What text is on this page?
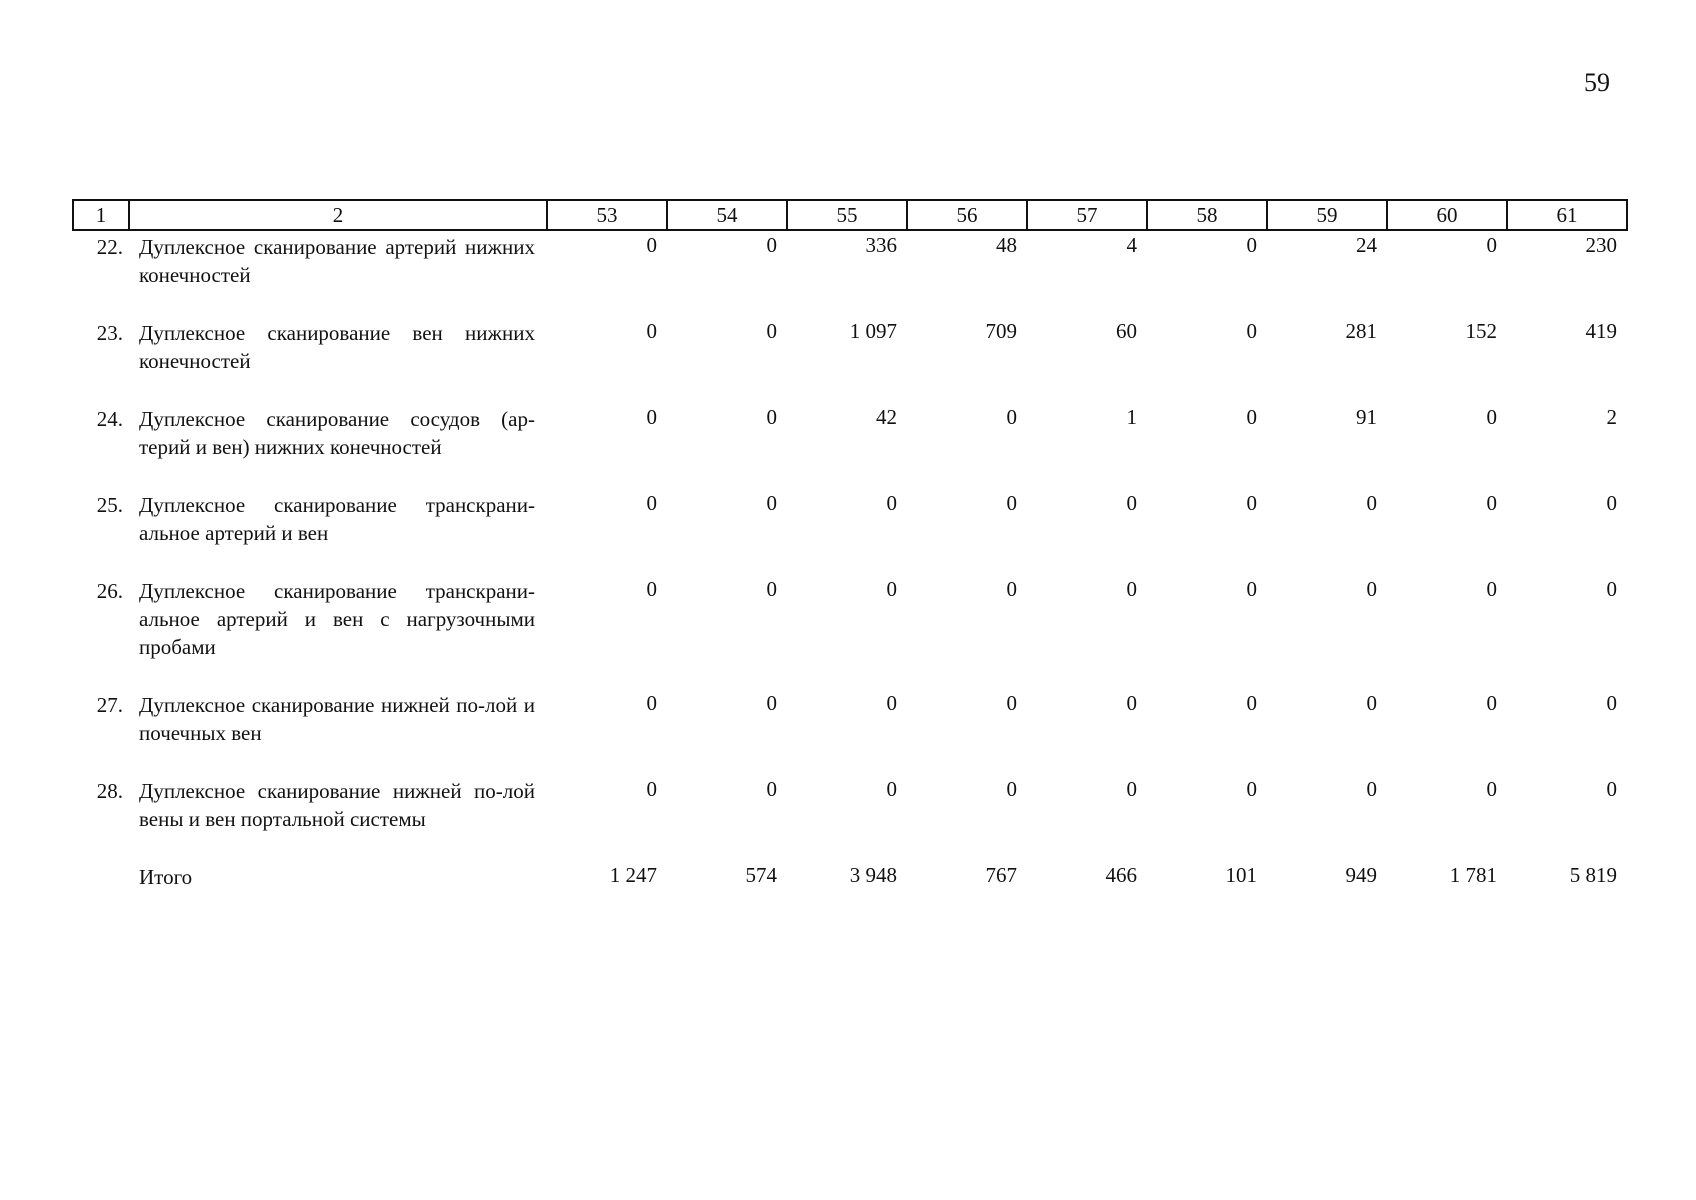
59
1	2	53	54	55	56	57	58	59	60	61
22.	Дуплексное сканирование артерий нижних конечностей	0	0	336	48	4	0	24	0	230
23.	Дуплексное сканирование вен нижних конечностей	0	0	1 097	709	60	0	281	152	419
24.	Дуплексное сканирование сосудов (ар-терий и вен) нижних конечностей	0	0	42	0	1	0	91	0	2
25.	Дуплексное сканирование транскрани-альное артерий и вен	0	0	0	0	0	0	0	0	0
26.	Дуплексное сканирование транскрани-альное артерий и вен с нагрузочными пробами	0	0	0	0	0	0	0	0	0
27.	Дуплексное сканирование нижней по-лой и почечных вен	0	0	0	0	0	0	0	0	0
28.	Дуплексное сканирование нижней по-лой вены и вен портальной системы	0	0	0	0	0	0	0	0	0
	Итого	1 247	574	3 948	767	466	101	949	1 781	5 819
